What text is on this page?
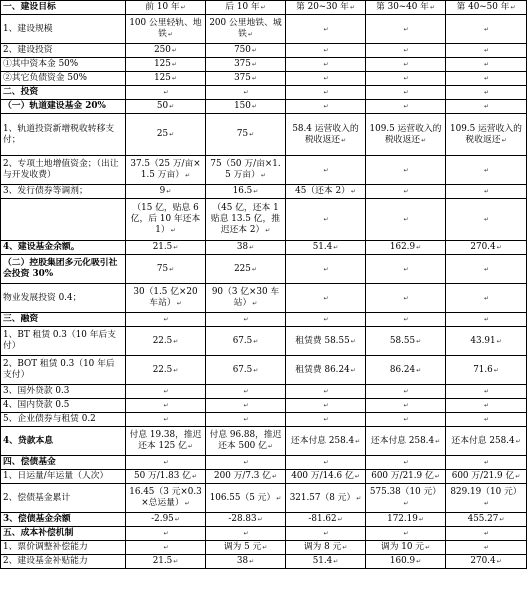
一、建设目标	前 10 年↵	后 10 年↵	第 20~30 年↵	第 30~40 年↵	第 40~50 年↵
1、建设规模	100 公里轻轨、地铁↵	200 公里地铁、城铁↵	↵	↵	↵
2、建设投资	250↵	750↵	↵	↵	↵
①其中资本金 50%	125↵	375↵	↵	↵	↵
②其它负债资金 50%	125↵	375↵	↵	↵	↵
二、投资	↵	↵	↵	↵	↵
（一）轨道建设基金 20%	50↵	150↵	↵	↵	↵
1、轨道投资新增税收转移支付；	25↵	75↵	58.4 运营收入的税收返还↵	109.5 运营收入的税收返还↵	109.5 运营收入的税收返还↵
2、专项土地增值资金；（出让与开发收费）	37.5（25 万/亩×1.5 万亩）↵	75（50 万/亩×1.5 万亩）↵	↵	↵	↵
3、发行债券等调剂；	9↵	16.5↵	45（还本 2）↵	↵	↵
	（15 亿，贴息 6 亿，后 10 年还本 1）↵	（45 亿，还本 1 贴息 13.5 亿，推迟还本 2）↵	↵	↵	↵
4、建设基金余额。	21.5↵	38↵	51.4↵	162.9↵	270.4↵
（二）控股集团多元化吸引社会投资 30%	75↵	225↵	↵	↵	↵
物业发展投资 0.4；	30（1.5 亿×20 车站）↵	90（3 亿×30 车站）↵	↵	↵	↵
三、融资	↵	↵	↵	↵	↵
1、BT 租赁 0.3（10 年后支付）	22.5↵	67.5↵	租赁费 58.55↵	58.55↵	43.91↵
2、BOT 租赁 0.3（10 年后支付）	22.5↵	67.5↵	租赁费 86.24↵	86.24↵	71.6↵
3、国外贷款 0.3	↵	↵	↵	↵	↵
4、国内贷款 0.5	↵	↵	↵	↵	↵
5、企业债券与租赁 0.2	↵	↵	↵	↵	↵
4、贷款本息	付息 19.38，推迟还本 125 亿↵	付息 96.88，推迟还本 500 亿↵	还本付息 258.4↵	还本付息 258.4↵	还本付息 258.4↵
四、偿债基金	↵	↵	↵	↵	↵
1、日运量/年运量（人次）	50 万/1.83 亿↵	200 万/7.3 亿↵	400 万/14.6 亿↵	600 万/21.9 亿↵	600 万/21.9 亿↵
2、偿债基金累计	16.45（3 元×0.3×总运量）↵	106.55（5 元）↵	321.57（8 元）↵	575.38（10 元）↵	829.19（10 元）↵
3、偿债基金余额	-2.95↵	-28.83↵	-81.62↵	172.19↵	455.27↵
五、成本补偿机制	↵	↵	↵	↵	↵
1、票价调整补偿能力	↵	调为 5 元↵	调为 8 元↵	调为 10 元↵	↵
2、建设基金补贴能力	21.5↵	38↵	51.4↵	160.9↵	270.4↵
